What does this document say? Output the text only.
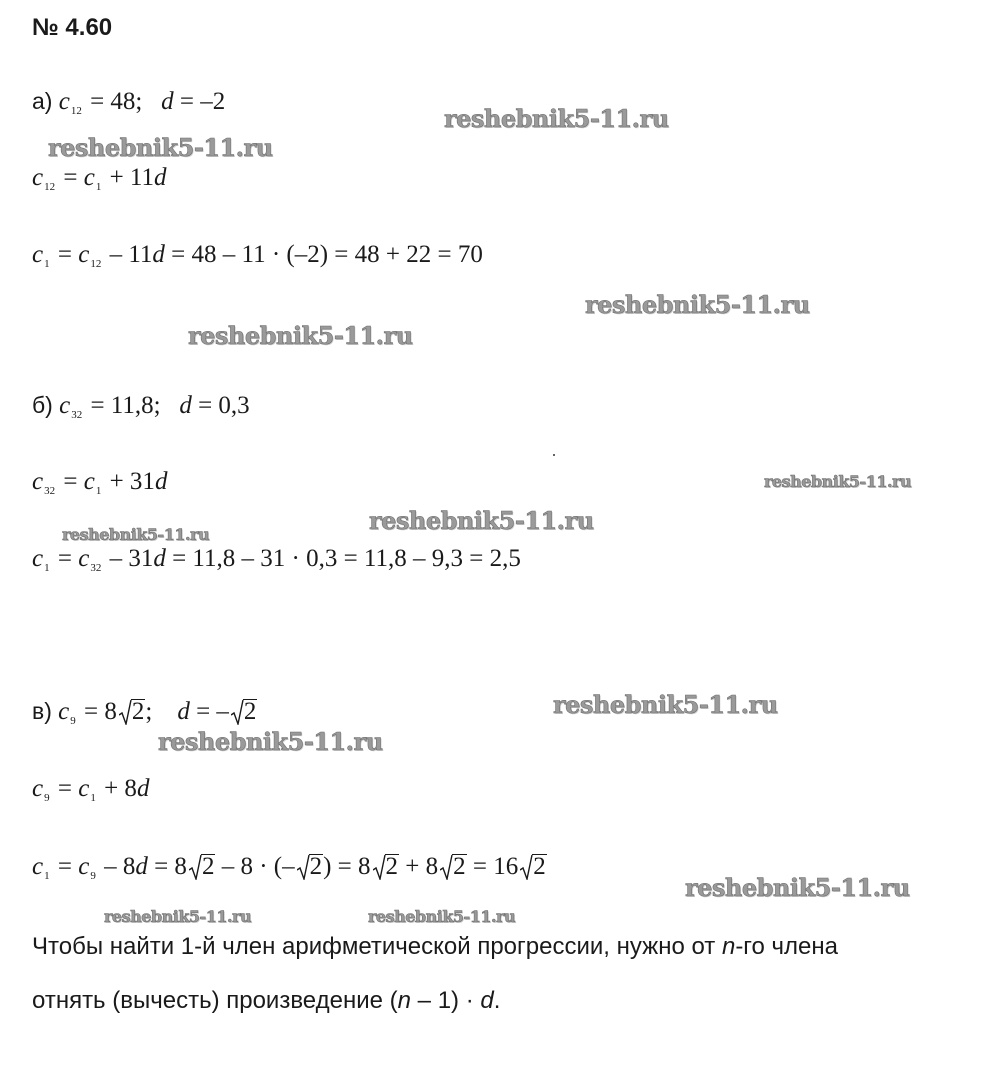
№ 4.60
а) $c_{12} = 48$; d = –2
$c_{12} = c_1 + 11d$
$c_1 = c_{12} - 11d = 48 - 11 \cdot (-2) = 48 + 22 = 70$
б) $c_{32} = 11,8$; d = 0,3
$c_{32} = c_1 + 31d$
$c_1 = c_{32} - 31d = 11,8 - 31 \cdot 0,3 = 11,8 - 9,3 = 2,5$
в) $c_9 = 8$ 2;    d = – 2
$c_9 = c_1 + 8d$
$c_1 = c_9 - 8d = 8$ 2 – 8 · (– 2) = 8 2 + 8 2 = 16 2
Чтобы найти 1-й член арифметической прогрессии, нужно от n-го члена
отнять (вычесть) произведение (n – 1) · d.
reshebnik5-11.ru
reshebnik5-11.ru
reshebnik5-11.ru
reshebnik5-11.ru
reshebnik5-11.ru
reshebnik5-11.ru
reshebnik5-11.ru
reshebnik5-11.ru
reshebnik5-11.ru
reshebnik5-11.ru
reshebnik5-11.ru	reshebnik5-11.ru
